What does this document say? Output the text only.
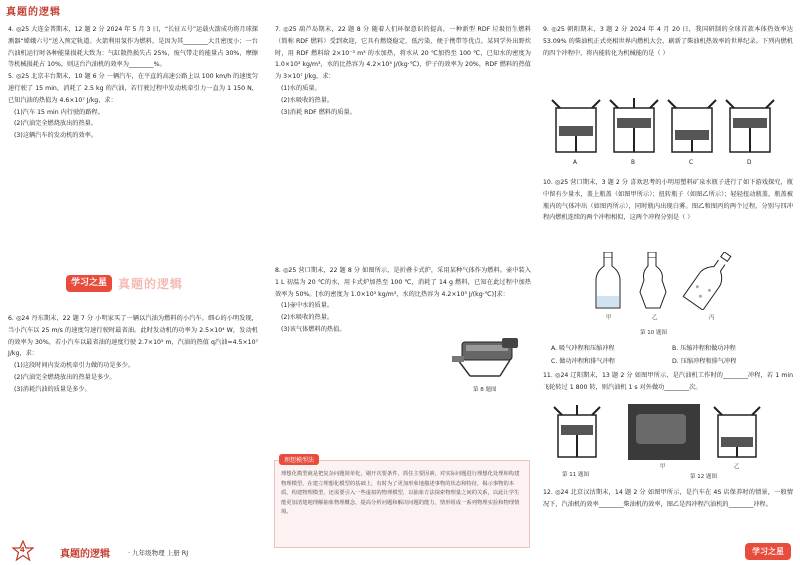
真题的逻辑

4. ◎25 大连金普期末，12 题 2 分 2024 年 5 月 3 日，“长征五号”运载火箭成功将月球探测器“嫦娥六号”送入预定轨道。火箭利用氢作为燃料，是因为其________大且密度小；一台汽油机运行时各种能量损耗大致为：气缸散热损失占 25%，废气带走的能量占 30%，摩擦等机械损耗占 10%，则这台汽油机的效率为________%。

5. ◎25 北京丰台期末，10 题 6 分 一辆汽车，在平直的高速公路上以 100 km/h 的速度匀速行驶了 15 min，消耗了 2.5 kg 的汽油，若行驶过程中发动机牵引力一直为 1 150 N，已知汽油的热值为 4.6×10⁷ J/kg，求：

(1)汽车 15 min 内行驶的路程。

(2)汽油完全燃烧放出的热量。

(3)这辆汽车的发动机的效率。

学习之星 真题的逻辑

6. ◎24 丹东期末，22 题 7 分 小明家买了一辆以汽油为燃料的小汽车。细心的小明发现，当小汽车以 25 m/s 的速度匀速行驶时最省油。此时发动机的功率为 2.5×10⁴ W，发动机的效率为 30%，若小汽车以最省油的速度行驶 2.7×10⁵ m，汽油的热值 q汽油=4.5×10⁷ J/kg，求：

(1)这段时间内发动机牵引力做的功是多少。

(2)汽油完全燃烧放出的热量是多少。

(3)消耗汽油的质量是多少。

7. ◎25 葫芦岛期末，22 题 8 分 随着人们环保意识的提高，一种新型 RDF 垃圾衍生燃料（简称 RDF 燃料）受到欢迎，它具有燃烧稳定、低污染、便于携带等优点。某同学外出野炊时，用 RDF 燃料给 2×10⁻³ m³ 的水加热，将水从 20 ℃加热至 100 ℃，已知水的密度为 1.0×10³ kg/m³，水的比热容为 4.2×10³ J/(kg·℃)，炉子的效率为 20%，RDF 燃料的热值为 3×10⁷ J/kg，求：

(1)水的质量。

(2)水吸收的热量。

(3)消耗 RDF 燃料的质量。

8. ◎25 营口期末，22 题 8 分 如图所示，是折叠卡式炉，采用某种气体作为燃料。壶中装入 1 L 初温为 20 ℃的水，用卡式炉加热至 100 ℃，消耗了 14 g 燃料，已知在此过程中加热效率为 50%。[水的密度为 1.0×10³ kg/m³，水的比热容为 4.2×10³ J/(kg·℃)]求：

(1)壶中水的质量。

(2)水吸收的热量。

(3)该气体燃料的热值。

第 8 题图
理想模型法
理想化模型就是把复杂问题简单化，剔开次要条件，抓住主要因素，对实际问题进行理想化处理和构建物理模型，在建立理想化模型的基础上，有时为了更加形象地描述事物的状态和特征，揭示事物的本质，构建物理模型，还需要引入一些虚拟的物理模型，以抽象方法探索物理量之间的关系，以此让学生能更加清楚地理解抽象物理概念，提高分析问题和解决问题的能力，情形组成一系列物理实验和物理情境。

9. ◎25 朝阳期末，3 题 2 分 2024 年 4 月 20 日，我国研制的全球首款本体热效率达 53.09% 的柴油机正式亮相世界内燃机大会，刷新了柴油机热效率的世界纪录。下列内燃机的四个冲程中，将内能转化为机械能的是（ ）

A	B	C	D

10. ◎25 营口期末，3 题 2 分 喜欢思考的小明用塑料矿泉水瓶子进行了如下游戏探究，瓶中留有少量水，盖上瓶盖（如图甲所示）；扭转瓶子（如图乙所示）；轻轻扭动瓶盖，瓶盖被瓶内的气体冲出（如图丙所示），同时瓶内出现白雾。图乙和图丙的两个过程，分别与四冲程内燃机连续的两个冲程相似，这两个冲程分别是（ ）

甲	乙	丙
第 10 题图
A. 吸气冲程和压缩冲程	B. 压缩冲程和做功冲程
C. 做功冲程和排气冲程	D. 压缩冲程和排气冲程

11. ◎24 辽阳期末，13 题 2 分 如图甲所示，是汽油机工作时的________冲程，若 1 min 飞轮转过 1 800 转，则汽油机 1 s 对外做功________次。

第 11 题图
甲	乙
第 12 题图

12. ◎24 北京汉沽期末，14 题 2 分 如图甲所示，是汽车在 4S 店保养时的情景，一般情况下，汽油机的效率________柴油机的效率，图乙是四冲程汽油机的________冲程。

4	真题的逻辑	· 九年级物理 上册 RJ	学习之星
